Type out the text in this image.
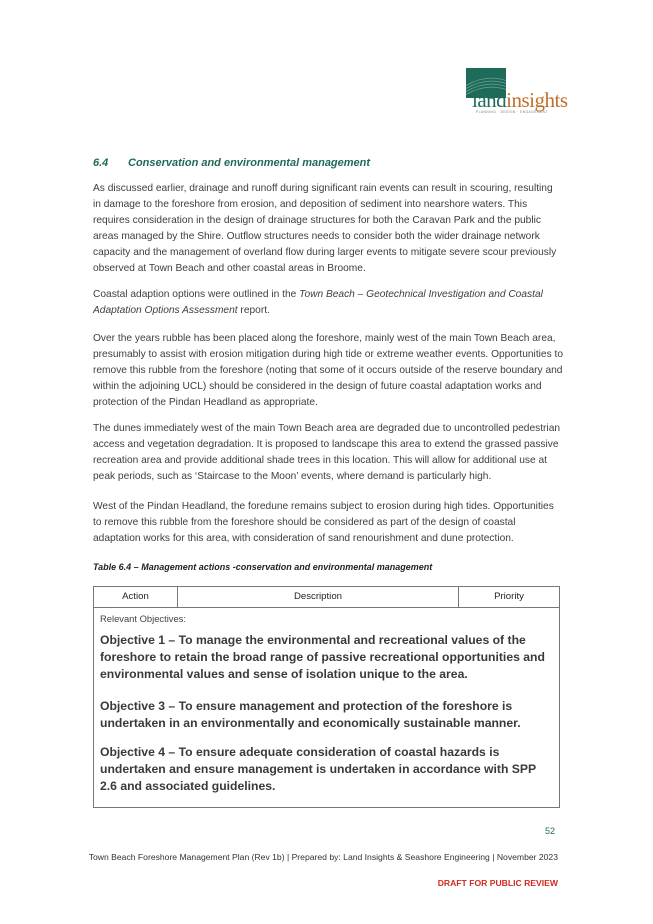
landinsights
PLANNING · DESIGN · ENGAGEMENT
6.4 Conservation and environmental management

As discussed earlier, drainage and runoff during significant rain events can result in scouring, resulting in damage to the foreshore from erosion, and deposition of sediment into nearshore waters. This requires consideration in the design of drainage structures for both the Caravan Park and the public areas managed by the Shire. Outflow structures needs to consider both the wider drainage network capacity and the management of overland flow during larger events to mitigate severe scour previously observed at Town Beach and other coastal areas in Broome.

Coastal adaption options were outlined in the Town Beach – Geotechnical Investigation and Coastal Adaptation Options Assessment report.

Over the years rubble has been placed along the foreshore, mainly west of the main Town Beach area, presumably to assist with erosion mitigation during high tide or extreme weather events. Opportunities to remove this rubble from the foreshore (noting that some of it occurs outside of the reserve boundary and within the adjoining UCL) should be considered in the design of future coastal adaptation works and protection of the Pindan Headland as appropriate.

The dunes immediately west of the main Town Beach area are degraded due to uncontrolled pedestrian access and vegetation degradation. It is proposed to landscape this area to extend the grassed passive recreation area and provide additional shade trees in this location. This will allow for additional use at peak periods, such as ‘Staircase to the Moon’ events, where demand is particularly high.

West of the Pindan Headland, the foredune remains subject to erosion during high tides. Opportunities to remove this rubble from the foreshore should be considered as part of the design of coastal adaptation works for this area, with consideration of sand renourishment and dune protection.

Table 6.4 – Management actions -conservation and environmental management
Action	Description	Priority
Relevant Objectives:
Objective 1 – To manage the environmental and recreational values of the foreshore to retain the broad range of passive recreational opportunities and environmental values and sense of isolation unique to the area.
Objective 3 – To ensure management and protection of the foreshore is undertaken in an environmentally and economically sustainable manner.
Objective 4 – To ensure adequate consideration of coastal hazards is undertaken and ensure management is undertaken in accordance with SPP 2.6 and associated guidelines.
52
Town Beach Foreshore Management Plan (Rev 1b) | Prepared by: Land Insights & Seashore Engineering | November 2023
DRAFT FOR PUBLIC REVIEW
